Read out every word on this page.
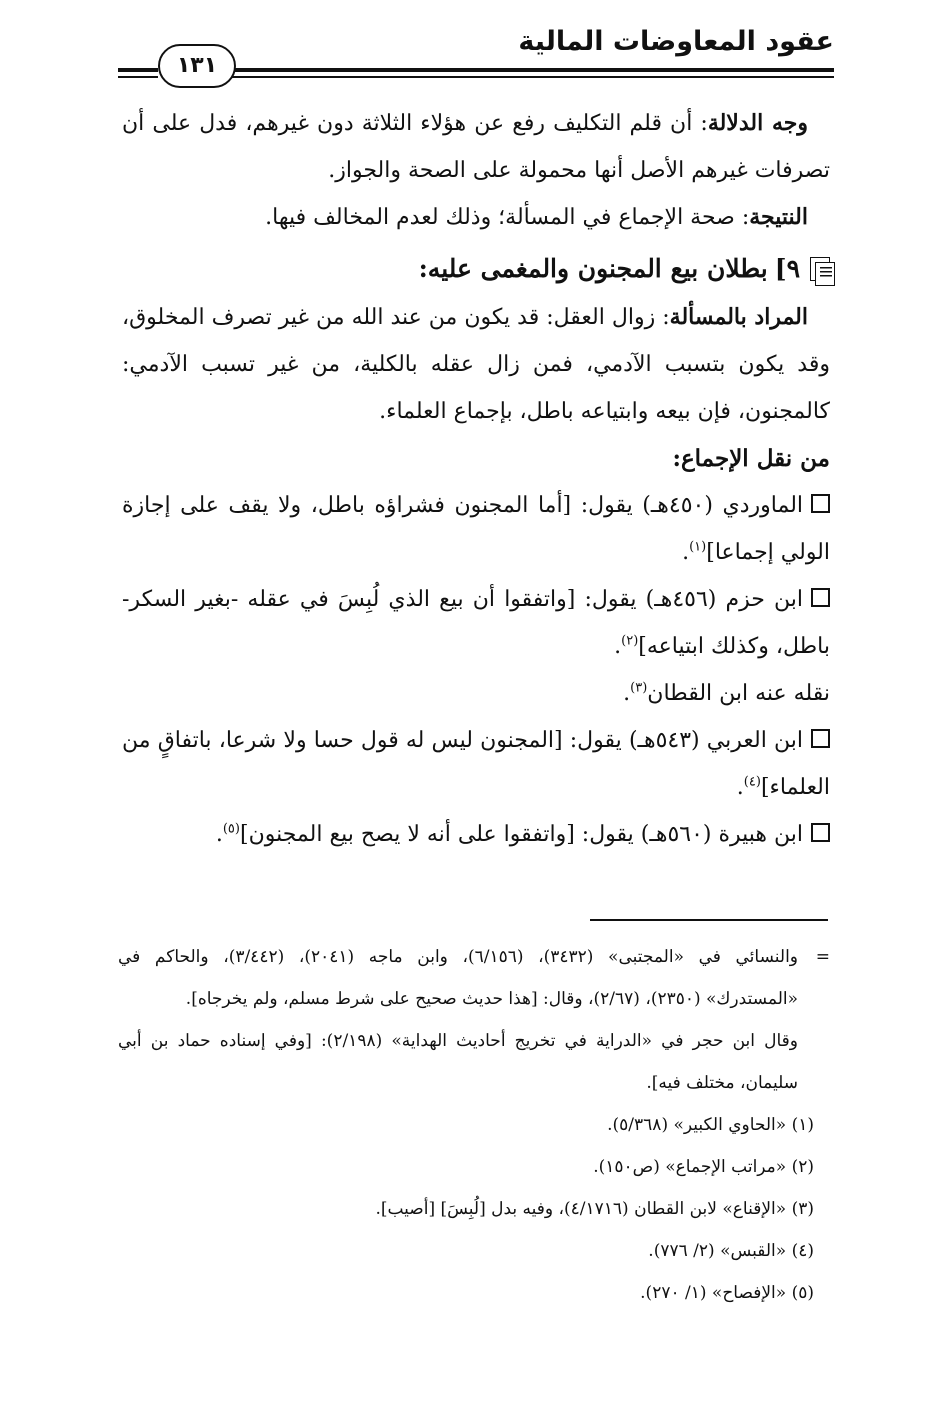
عقود المعاوضات المالية
١٣١

وجه الدلالة: أن قلم التكليف رفع عن هؤلاء الثلاثة دون غيرهم، فدل على أن تصرفات غيرهم الأصل أنها محمولة على الصحة والجواز.

النتيجة: صحة الإجماع في المسألة؛ وذلك لعدم المخالف فيها.

٩] بطلان بيع المجنون والمغمى عليه:

المراد بالمسألة: زوال العقل: قد يكون من عند الله من غير تصرف المخلوق، وقد يكون بتسبب الآدمي، فمن زال عقله بالكلية، من غير تسبب الآدمي: كالمجنون، فإن بيعه وابتياعه باطل، بإجماع العلماء.

من نقل الإجماع:

الماوردي (٤٥٠هـ) يقول: [أما المجنون فشراؤه باطل، ولا يقف على إجازة الولي إجماعا]$^{(١)}$.

ابن حزم (٤٥٦هـ) يقول: [واتفقوا أن بيع الذي لُبِسَ في عقله -بغير السكر- باطل، وكذلك ابتياعه]$^{(٢)}$.

نقله عنه ابن القطان$^{(٣)}$.

ابن العربي (٥٤٣هـ) يقول: [المجنون ليس له قول حسا ولا شرعا، باتفاقٍ من العلماء]$^{(٤)}$.

ابن هبيرة (٥٦٠هـ) يقول: [واتفقوا على أنه لا يصح بيع المجنون]$^{(٥)}$.

=
والنسائي في «المجتبى» (٣٤٣٢)، (٦/١٥٦)، وابن ماجه (٢٠٤١)، (٣/٤٤٢)، والحاكم في «المستدرك» (٢٣٥٠)، (٢/٦٧)، وقال: [هذا حديث صحيح على شرط مسلم، ولم يخرجاه].

وقال ابن حجر في «الدراية في تخريج أحاديث الهداية» (٢/١٩٨): [وفي إسناده حماد بن أبي سليمان، مختلف فيه].

(١) «الحاوي الكبير» (٥/٣٦٨).

(٢) «مراتب الإجماع» (ص١٥٠).

(٣) «الإقناع» لابن القطان (٤/١٧١٦)، وفيه بدل [لُبِسَ] [أصيب].

(٤) «القبس» (٢/ ٧٧٦).

(٥) «الإفصاح» (١/ ٢٧٠).
